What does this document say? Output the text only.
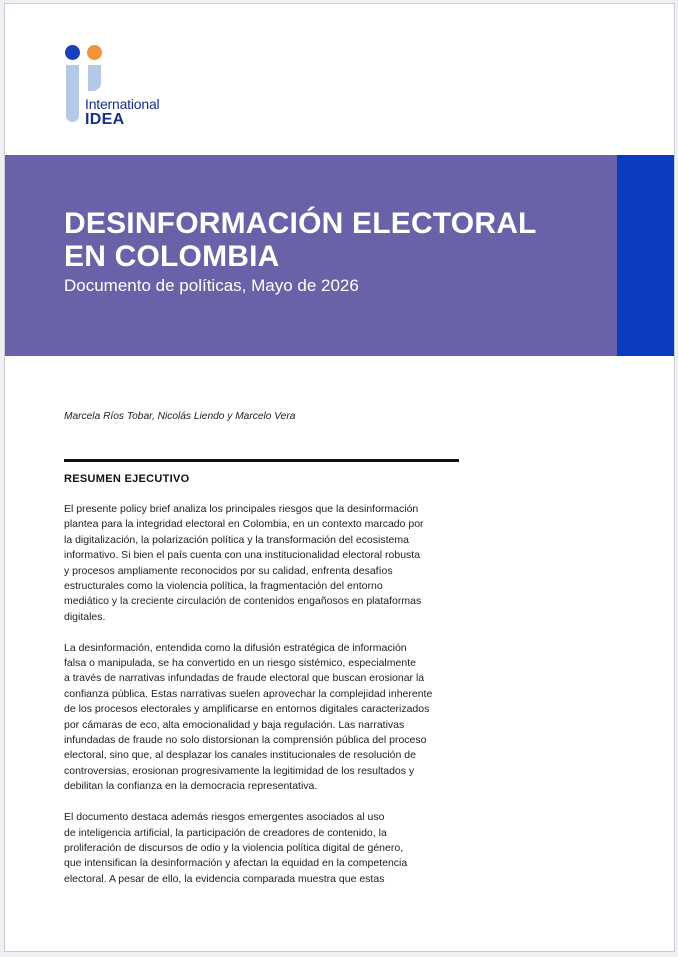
International
IDEA
DESINFORMACIÓN ELECTORAL
EN COLOMBIA
Documento de políticas, Mayo de 2026
Marcela Ríos Tobar, Nicolás Liendo y Marcelo Vera
RESUMEN EJECUTIVO
El presente policy brief analiza los principales riesgos que la desinformación
plantea para la integridad electoral en Colombia, en un contexto marcado por
la digitalización, la polarización política y la transformación del ecosistema
informativo. Si bien el país cuenta con una institucionalidad electoral robusta
y procesos ampliamente reconocidos por su calidad, enfrenta desafíos
estructurales como la violencia política, la fragmentación del entorno
mediático y la creciente circulación de contenidos engañosos en plataformas
digitales.
La desinformación, entendida como la difusión estratégica de información
falsa o manipulada, se ha convertido en un riesgo sistémico, especialmente
a través de narrativas infundadas de fraude electoral que buscan erosionar la
confianza pública. Estas narrativas suelen aprovechar la complejidad inherente
de los procesos electorales y amplificarse en entornos digitales caracterizados
por cámaras de eco, alta emocionalidad y baja regulación. Las narrativas
infundadas de fraude no solo distorsionan la comprensión pública del proceso
electoral, sino que, al desplazar los canales institucionales de resolución de
controversias, erosionan progresivamente la legitimidad de los resultados y
debilitan la confianza en la democracia representativa.
El documento destaca además riesgos emergentes asociados al uso
de inteligencia artificial, la participación de creadores de contenido, la
proliferación de discursos de odio y la violencia política digital de género,
que intensifican la desinformación y afectan la equidad en la competencia
electoral. A pesar de ello, la evidencia comparada muestra que estas
